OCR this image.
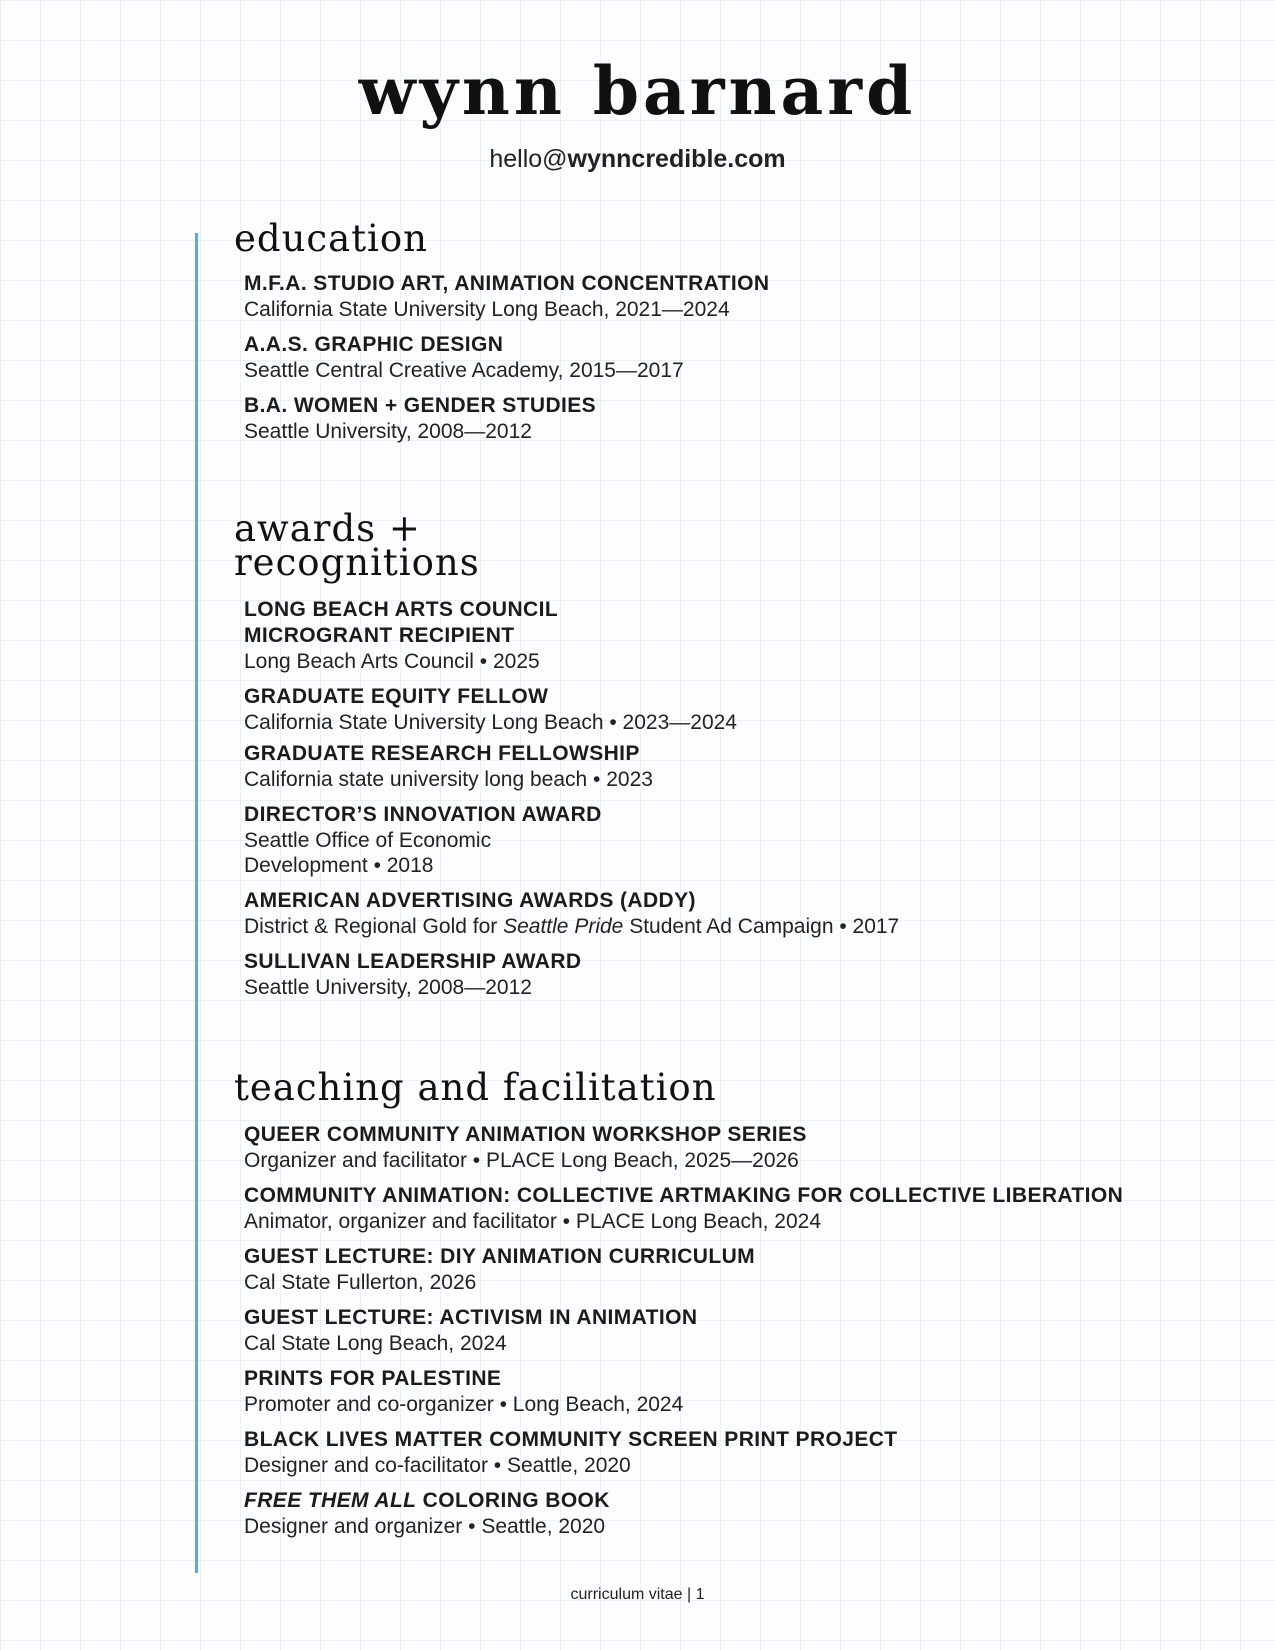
wynn barnard
hello@wynncredible.com
education
M.F.A. STUDIO ART, ANIMATION CONCENTRATION
California State University Long Beach, 2021—2024
A.A.S. GRAPHIC DESIGN
Seattle Central Creative Academy, 2015—2017
B.A. WOMEN + GENDER STUDIES
Seattle University, 2008—2012
awards +
recognitions
LONG BEACH ARTS COUNCIL
MICROGRANT RECIPIENT
Long Beach Arts Council • 2025
GRADUATE EQUITY FELLOW
California State University Long Beach • 2023—2024
GRADUATE RESEARCH FELLOWSHIP
California state university long beach • 2023
DIRECTOR’S INNOVATION AWARD
Seattle Office of Economic
Development • 2018
AMERICAN ADVERTISING AWARDS (ADDY)
District & Regional Gold for Seattle Pride Student Ad Campaign • 2017
SULLIVAN LEADERSHIP AWARD
Seattle University, 2008—2012
teaching and facilitation
QUEER COMMUNITY ANIMATION WORKSHOP SERIES
Organizer and facilitator • PLACE Long Beach, 2025—2026
COMMUNITY ANIMATION: COLLECTIVE ARTMAKING FOR COLLECTIVE LIBERATION
Animator, organizer and facilitator • PLACE Long Beach, 2024
GUEST LECTURE: DIY ANIMATION CURRICULUM
Cal State Fullerton, 2026
GUEST LECTURE: ACTIVISM IN ANIMATION
Cal State Long Beach, 2024
PRINTS FOR PALESTINE
Promoter and co-organizer • Long Beach, 2024
BLACK LIVES MATTER COMMUNITY SCREEN PRINT PROJECT
Designer and co-facilitator • Seattle, 2020
FREE THEM ALL COLORING BOOK
Designer and organizer • Seattle, 2020
curriculum vitae | 1
